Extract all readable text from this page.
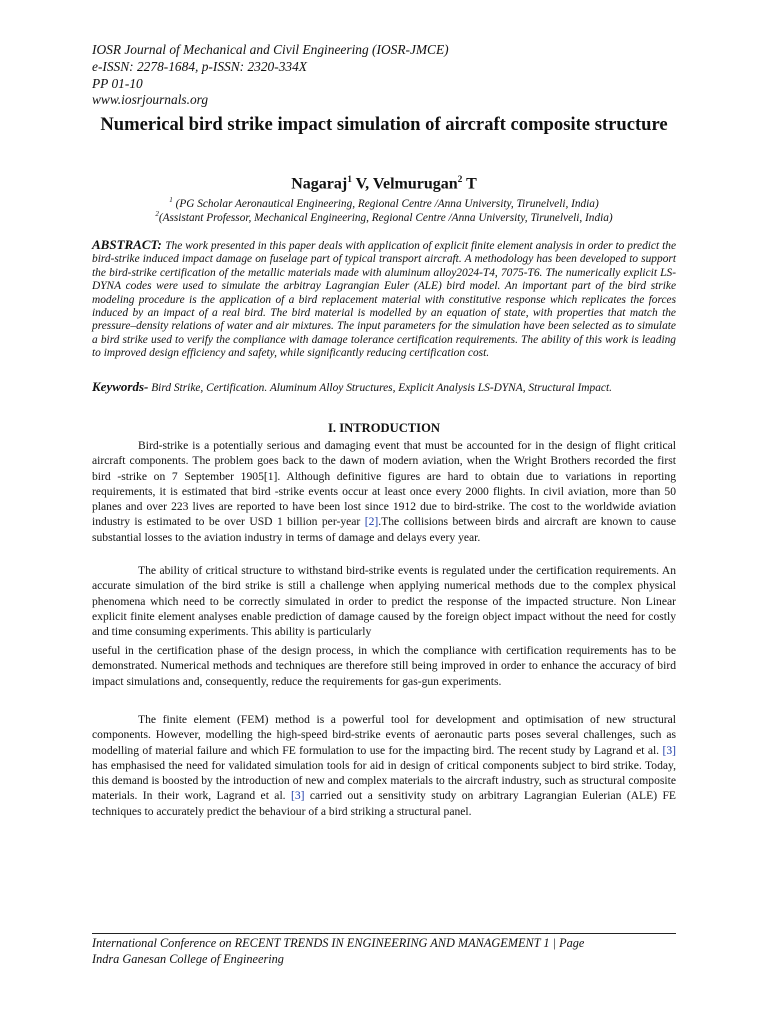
IOSR Journal of Mechanical and Civil Engineering (IOSR-JMCE)
e-ISSN: 2278-1684, p-ISSN: 2320-334X
PP 01-10
www.iosrjournals.org
Numerical bird strike impact simulation of aircraft composite structure
Nagaraj$^1$ V, Velmurugan$^2$ T
$^1$ (PG Scholar Aeronautical Engineering, Regional Centre /Anna University, Tirunelveli, India)
$^2$(Assistant Professor, Mechanical Engineering, Regional Centre /Anna University, Tirunelveli, India)
ABSTRACT: The work presented in this paper deals with application of explicit finite element analysis in order to predict the bird-strike induced impact damage on fuselage part of typical transport aircraft. A methodology has been developed to support the bird-strike certification of the metallic materials made with aluminum alloy2024-T4, 7075-T6. The numerically explicit LS-DYNA codes were used to simulate the arbitray Lagrangian Euler (ALE) bird model. An important part of the bird strike modeling procedure is the application of a bird replacement material with constitutive response which replicates the forces induced by an impact of a real bird. The bird material is modelled by an equation of state, with properties that match the pressure–density relations of water and air mixtures. The input parameters for the simulation have been selected as to simulate a bird strike used to verify the compliance with damage tolerance certification requirements. The ability of this work is leading to improved design efficiency and safety, while significantly reducing certification cost.
Keywords- Bird Strike, Certification. Aluminum Alloy Structures, Explicit Analysis LS-DYNA, Structural Impact.
I. INTRODUCTION
Bird-strike is a potentially serious and damaging event that must be accounted for in the design of flight critical aircraft components. The problem goes back to the dawn of modern aviation, when the Wright Brothers recorded the first bird -strike on 7 September 1905[1]. Although definitive figures are hard to obtain due to variations in reporting requirements, it is estimated that bird -strike events occur at least once every 2000 flights. In civil aviation, more than 50 planes and over 223 lives are reported to have been lost since 1912 due to bird-strike. The cost to the worldwide aviation industry is estimated to be over USD 1 billion per-year [2].The collisions between birds and aircraft are known to cause substantial losses to the aviation industry in terms of damage and delays every year.
The ability of critical structure to withstand bird-strike events is regulated under the certification requirements. An accurate simulation of the bird strike is still a challenge when applying numerical methods due to the complex physical phenomena which need to be correctly simulated in order to predict the response of the impacted structure. Non Linear explicit finite element analyses enable prediction of damage caused by the foreign object impact without the need for costly and time consuming experiments. This ability is particularly
useful in the certification phase of the design process, in which the compliance with certification requirements has to be demonstrated. Numerical methods and techniques are therefore still being improved in order to enhance the accuracy of bird impact simulations and, consequently, reduce the requirements for gas-gun experiments.
The finite element (FEM) method is a powerful tool for development and optimisation of new structural components. However, modelling the high-speed bird-strike events of aeronautic parts poses several challenges, such as modelling of material failure and which FE formulation to use for the impacting bird. The recent study by Lagrand et al. [3] has emphasised the need for validated simulation tools for aid in design of critical components subject to bird strike. Today, this demand is boosted by the introduction of new and complex materials to the aircraft industry, such as structural composite materials. In their work, Lagrand et al. [3] carried out a sensitivity study on arbitrary Lagrangian Eulerian (ALE) FE techniques to accurately predict the behaviour of a bird striking a structural panel.
International Conference on RECENT TRENDS IN ENGINEERING AND MANAGEMENT 1 | Page
Indra Ganesan College of Engineering
